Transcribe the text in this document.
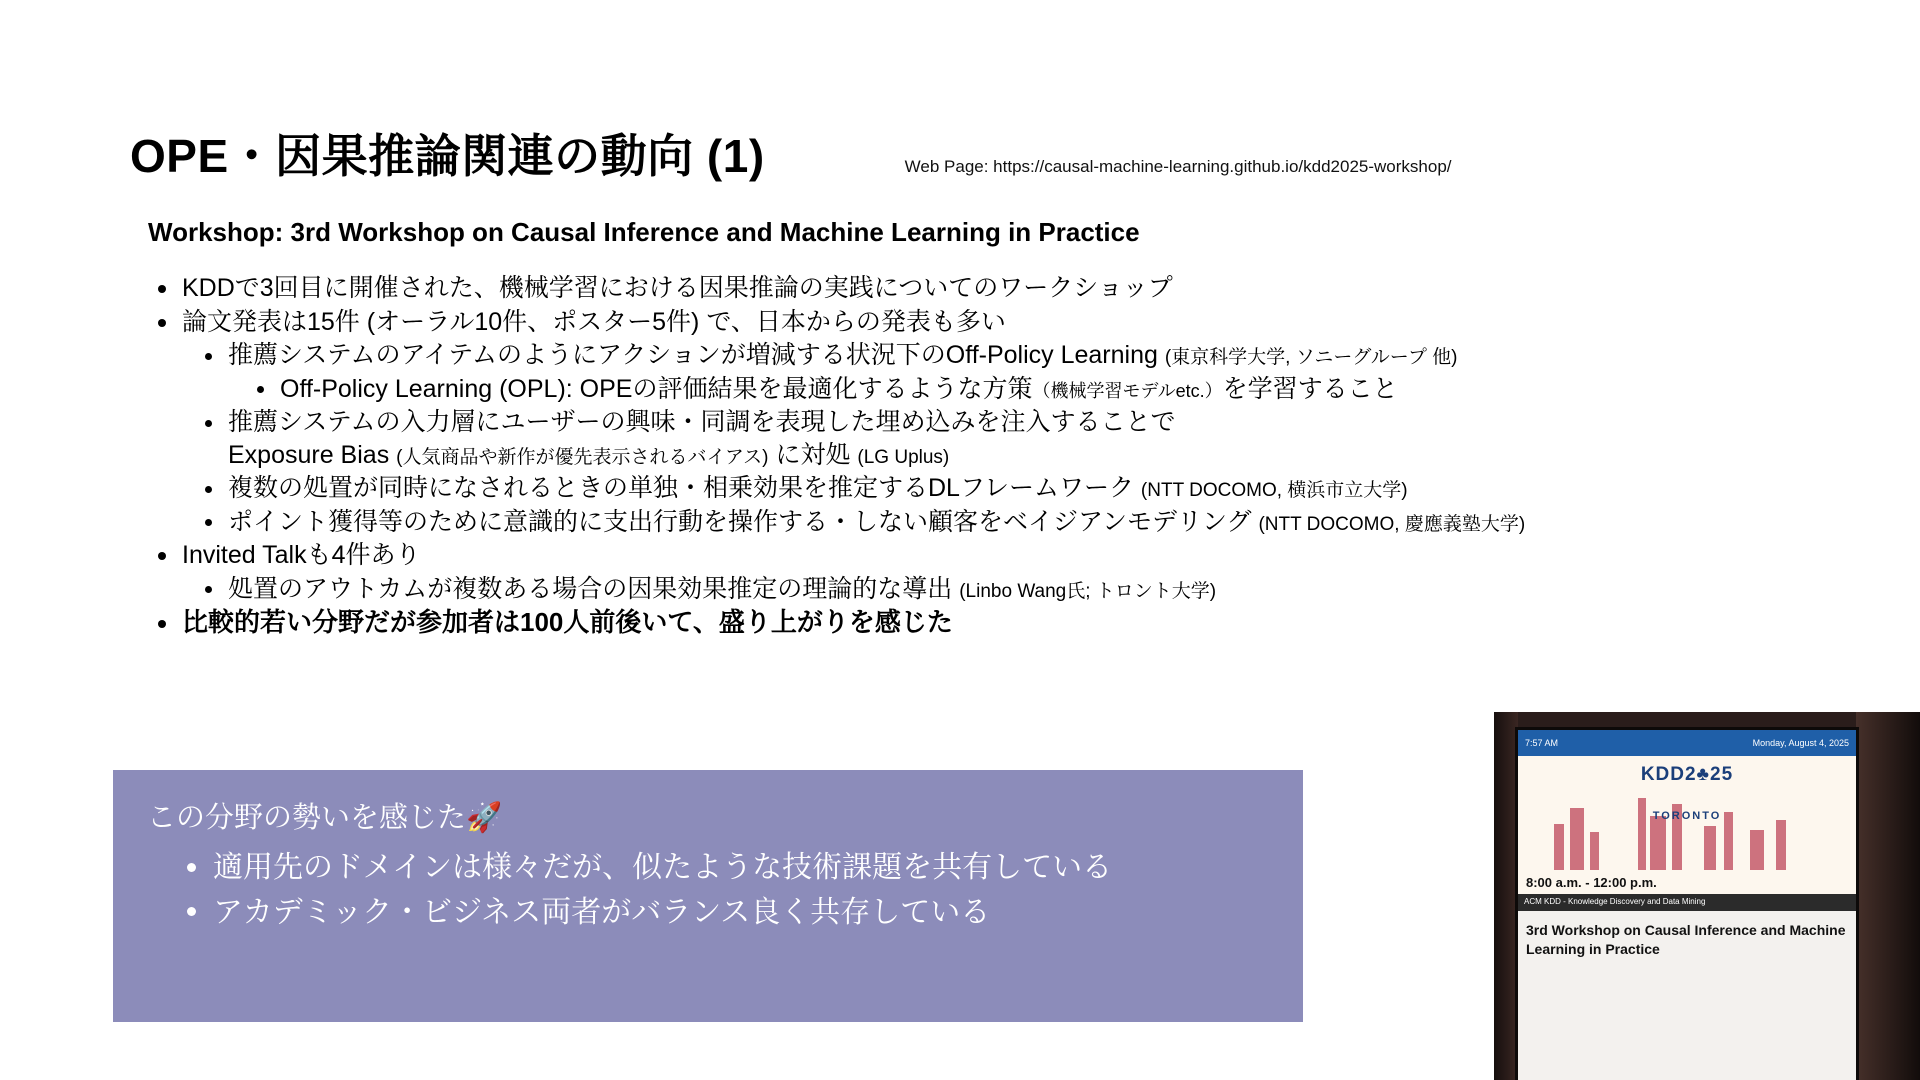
OPE・因果推論関連の動向 (1)	Web Page: https://causal-machine-learning.github.io/kdd2025-workshop/
Workshop: 3rd Workshop on Causal Inference and Machine Learning in Practice
KDDで3回目に開催された、機械学習における因果推論の実践についてのワークショップ
論文発表は15件 (オーラル10件、ポスター5件) で、日本からの発表も多い
推薦システムのアイテムのようにアクションが増減する状況下のOff-Policy Learning (東京科学大学, ソニーグループ 他)
Off-Policy Learning (OPL): OPEの評価結果を最適化するような方策（機械学習モデルetc.）を学習すること
推薦システムの入力層にユーザーの興味・同調を表現した埋め込みを注入することで
Exposure Bias (人気商品や新作が優先表示されるバイアス) に対処 (LG Uplus)
複数の処置が同時になされるときの単独・相乗効果を推定するDLフレームワーク (NTT DOCOMO, 横浜市立大学)
ポイント獲得等のために意識的に支出行動を操作する・しない顧客をベイジアンモデリング (NTT DOCOMO, 慶應義塾大学)
Invited Talkも4件あり
処置のアウトカムが複数ある場合の因果効果推定の理論的な導出 (Linbo Wang氏; トロント大学)
比較的若い分野だが参加者は100人前後いて、盛り上がりを感じた
この分野の勢いを感じた🚀
適用先のドメインは様々だが、似たような技術課題を共有している
アカデミック・ビジネス両者がバランス良く共存している
7:57 AM	Monday, August 4, 2025
KDD2♣25
TORONTO
8:00 a.m. - 12:00 p.m.
ACM KDD - Knowledge Discovery and Data Mining
3rd Workshop on Causal Inference and Machine Learning in Practice
